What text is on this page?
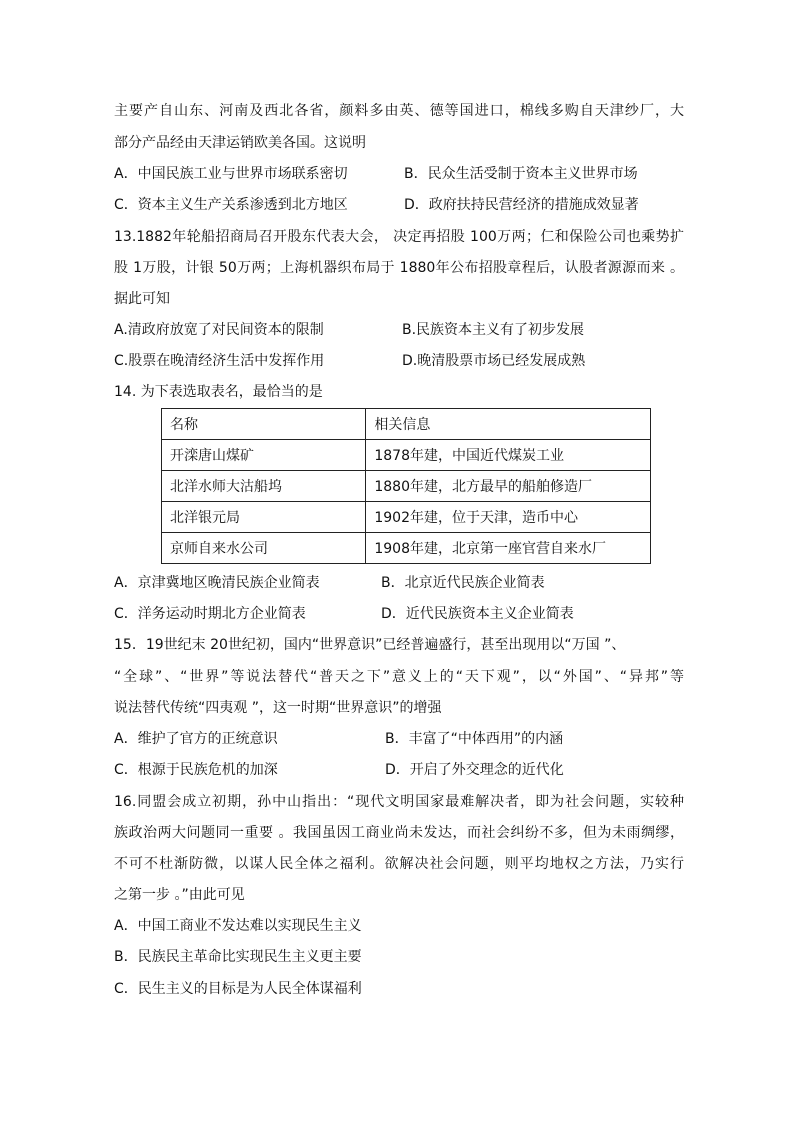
主要产自山东、河南及西北各省，颜料多由英、德等国进口，棉线多购自天津纱厂，大
部分产品经由天津运销欧美各国。这说明
A．中国民族工业与世界市场联系密切	B．民众生活受制于资本主义世界市场
C．资本主义生产关系渗透到北方地区	D．政府扶持民营经济的措施成效显著
13.1882年轮船招商局召开股东代表大会， 决定再招股 100万两；仁和保险公司也乘势扩
股 1万股，计银 50万两；上海机器织布局于 1880年公布招股章程后，认股者源源而来 。
据此可知
A.清政府放宽了对民间资本的限制	B.民族资本主义有了初步发展
C.股票在晚清经济生活中发挥作用	D.晚清股票市场已经发展成熟
14. 为下表选取表名，最恰当的是
名称	相关信息
开滦唐山煤矿	1878年建，中国近代煤炭工业
北洋水师大沽船坞	1880年建，北方最早的船舶修造厂
北洋银元局	1902年建，位于天津，造币中心
京师自来水公司	1908年建，北京第一座官营自来水厂
A．京津冀地区晚清民族企业简表	B．北京近代民族企业简表
C．洋务运动时期北方企业简表	D．近代民族资本主义企业简表
15．19世纪末 20世纪初，国内“世界意识”已经普遍盛行，甚至出现用以“万国 ”、
“全球”、“世界”等说法替代“普天之下”意义上的“天下观”，以“外国”、“异邦”等
说法替代传统“四夷观 ”，这一时期“世界意识”的增强
A．维护了官方的正统意识	B．丰富了“中体西用”的内涵
C．根源于民族危机的加深	D．开启了外交理念的近代化
16.同盟会成立初期，孙中山指出：“现代文明国家最难解决者，即为社会问题，实较种
族政治两大问题同一重要 。我国虽因工商业尚未发达，而社会纠纷不多，但为未雨绸缪，
不可不杜渐防微，以谋人民全体之福利。欲解决社会问题，则平均地权之方法，乃实行
之第一步 。”由此可见
A．中国工商业不发达难以实现民生主义
B．民族民主革命比实现民生主义更主要
C．民生主义的目标是为人民全体谋福利
